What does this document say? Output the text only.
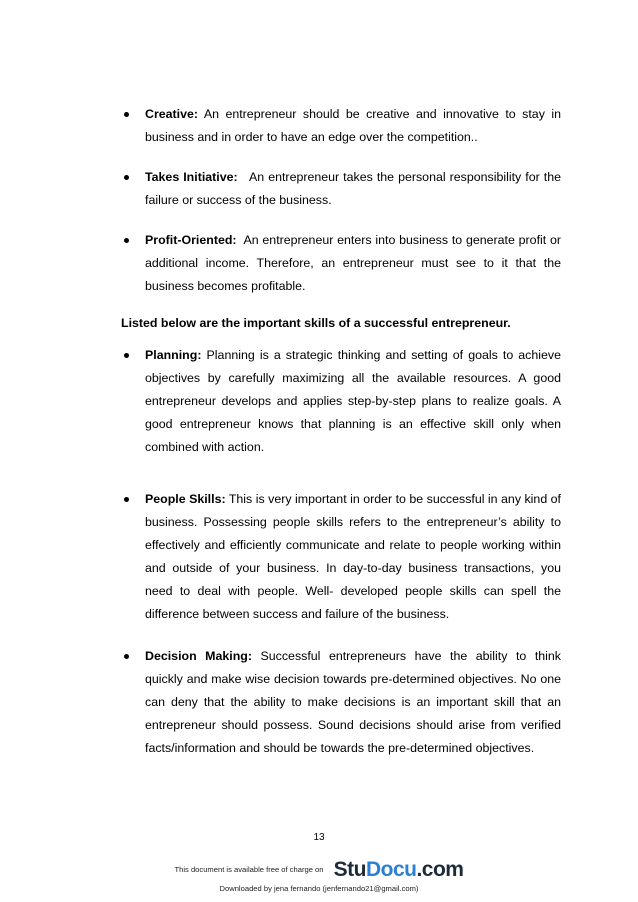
Creative: An entrepreneur should be creative and innovative to stay in business and in order to have an edge over the competition..
Takes Initiative: An entrepreneur takes the personal responsibility for the failure or success of the business.
Profit-Oriented: An entrepreneur enters into business to generate profit or additional income. Therefore, an entrepreneur must see to it that the business becomes profitable.
Listed below are the important skills of a successful entrepreneur.
Planning: Planning is a strategic thinking and setting of goals to achieve objectives by carefully maximizing all the available resources. A good entrepreneur develops and applies step-by-step plans to realize goals. A good entrepreneur knows that planning is an effective skill only when combined with action.
People Skills: This is very important in order to be successful in any kind of business. Possessing people skills refers to the entrepreneur’s ability to effectively and efficiently communicate and relate to people working within and outside of your business. In day-to-day business transactions, you need to deal with people. Well- developed people skills can spell the difference between success and failure of the business.
Decision Making: Successful entrepreneurs have the ability to think quickly and make wise decision towards pre-determined objectives. No one can deny that the ability to make decisions is an important skill that an entrepreneur should possess. Sound decisions should arise from verified facts/information and should be towards the pre-determined objectives.
13
This document is available free of charge on StuDocu.com
Downloaded by jena fernando (jenfernando21@gmail.com)
